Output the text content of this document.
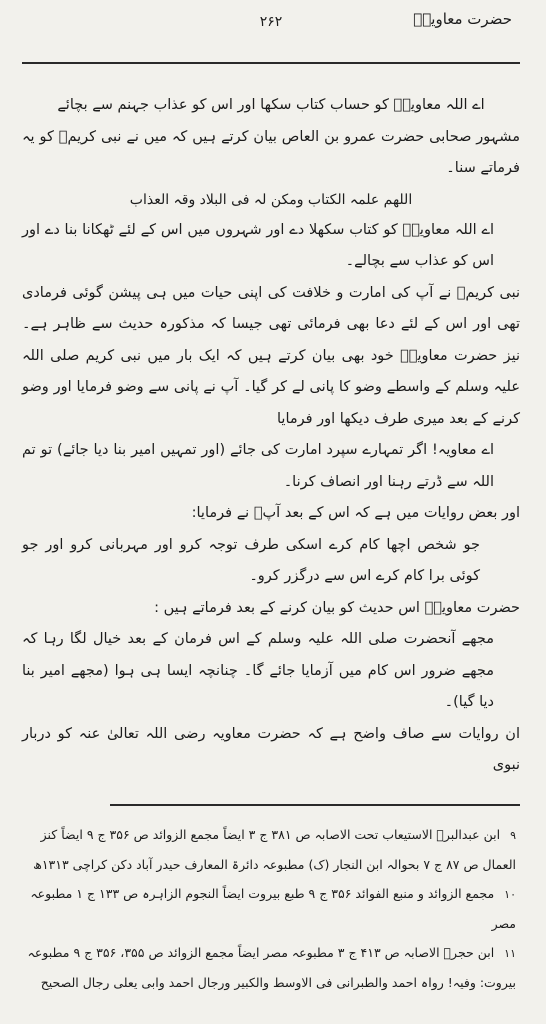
حضرت معاویہؓ
۲۶۲

اے اللہ معاویہؓ کو حساب کتاب سکھا اور اس کو عذاب جہنم سے بچائے

مشہور صحابی حضرت عمرو بن العاص بیان کرتے ہیں کہ میں نے نبی کریمؐ کو یہ فرماتے سنا۔

اللھم علمہ الکتاب ومکن لہ فی البلاد وقہ العذاب

اے اللہ معاویہؓ کو کتاب سکھلا دے اور شہروں میں اس کے لئے ٹھکانا بنا دے اور اس کو عذاب سے بچالے۔

نبی کریمؐ نے آپ کی امارت و خلافت کی اپنی حیات میں ہی پیشن گوئی فرمادی تھی اور اس کے لئے دعا بھی فرمائی تھی جیسا کہ مذکورہ حدیث سے ظاہر ہے۔ نیز حضرت معاویہؓ خود بھی بیان کرتے ہیں کہ ایک بار میں نبی کریم صلی اللہ علیہ وسلم کے واسطے وضو کا پانی لے کر گیا۔ آپ نے پانی سے وضو فرمایا اور وضو کرنے کے بعد میری طرف دیکھا اور فرمایا

اے معاویہ! اگر تمہارے سپرد امارت کی جائے (اور تمہیں امیر بنا دیا جائے) تو تم اللہ سے ڈرتے رہنا اور انصاف کرنا۔

اور بعض روایات میں ہے کہ اس کے بعد آپؐ نے فرمایا:

جو شخص اچھا کام کرے اسکی طرف توجہ کرو اور مہربانی کرو اور جو کوئی برا کام کرے اس سے درگزر کرو۔

حضرت معاویہؓ اس حدیث کو بیان کرنے کے بعد فرماتے ہیں :

مجھے آنحضرت صلی اللہ علیہ وسلم کے اس فرمان کے بعد خیال لگا رہا کہ مجھے ضرور اس کام میں آزمایا جائے گا۔ چنانچہ ایسا ہی ہوا (مجھے امیر بنا دیا گیا)۔

ان روایات سے صاف واضح ہے کہ حضرت معاویہ رضی اللہ تعالیٰ عنہ کو دربار نبوی

۹ ابن عبدالبرؒ الاستیعاب تحت الاصابہ ص ۳۸۱ ج ۳ ایضاً مجمع الزوائد ص ۳۵۶ ج ۹ ایضاً کنز العمال ص ۸۷ ج ۷ بحوالہ ابن النجار (ک) مطبوعہ دائرۃ المعارف حیدر آباد دکن کراچی ۱۳۱۳ھ
۱۰ مجمع الزوائد و منبع الفوائد ۳۵۶ ج ۹ طبع بیروت ایضاً النجوم الزاہرہ ص ۱۳۳ ج ۱ مطبوعہ مصر
۱۱ ابن حجرؒ الاصابہ ص ۴۱۳ ج ۳ مطبوعہ مصر ایضاً مجمع الزوائد ص ۳۵۵، ۳۵۶ ج ۹ مطبوعہ بیروت: وفیہ! رواہ احمد والطبرانی فی الاوسط والکبیر ورجال احمد وابی یعلی رجال الصحیح
